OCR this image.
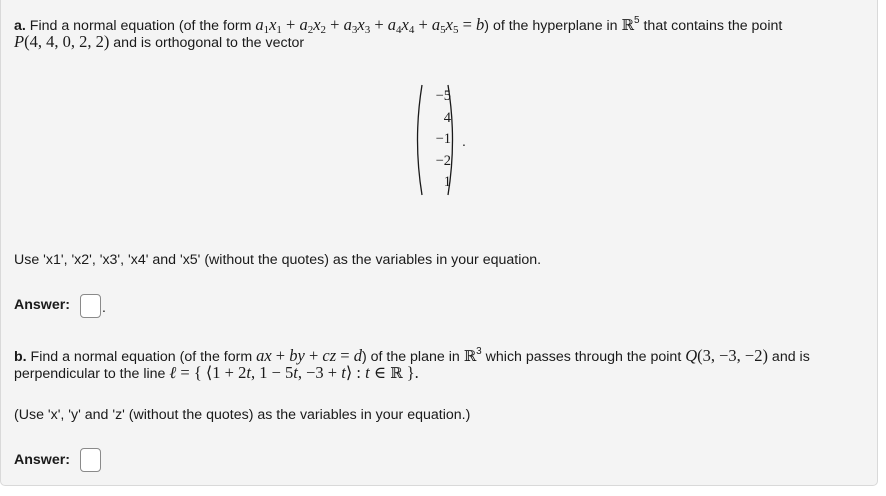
a. Find a normal equation (of the form $a_1x_1 + a_2x_2 + a_3x_3 + a_4x_4 + a_5x_5 = b$) of the hyperplane in ℝ$^5$ that contains the point
P(4, 4, 0, 2, 2) and is orthogonal to the vector
−5
4
−1
−2
1
.
Use 'x1', 'x2', 'x3', 'x4' and 'x5' (without the quotes) as the variables in your equation.
Answer: .
b. Find a normal equation (of the form ax + by + cz = d) of the plane in ℝ$^3$ which passes through the point Q(3, −3, −2) and is
perpendicular to the line ℓ = { ⟨1 + 2t, 1 − 5t, −3 + t⟩ : t ∈ ℝ }.
(Use 'x', 'y' and 'z' (without the quotes) as the variables in your equation.)
Answer:
